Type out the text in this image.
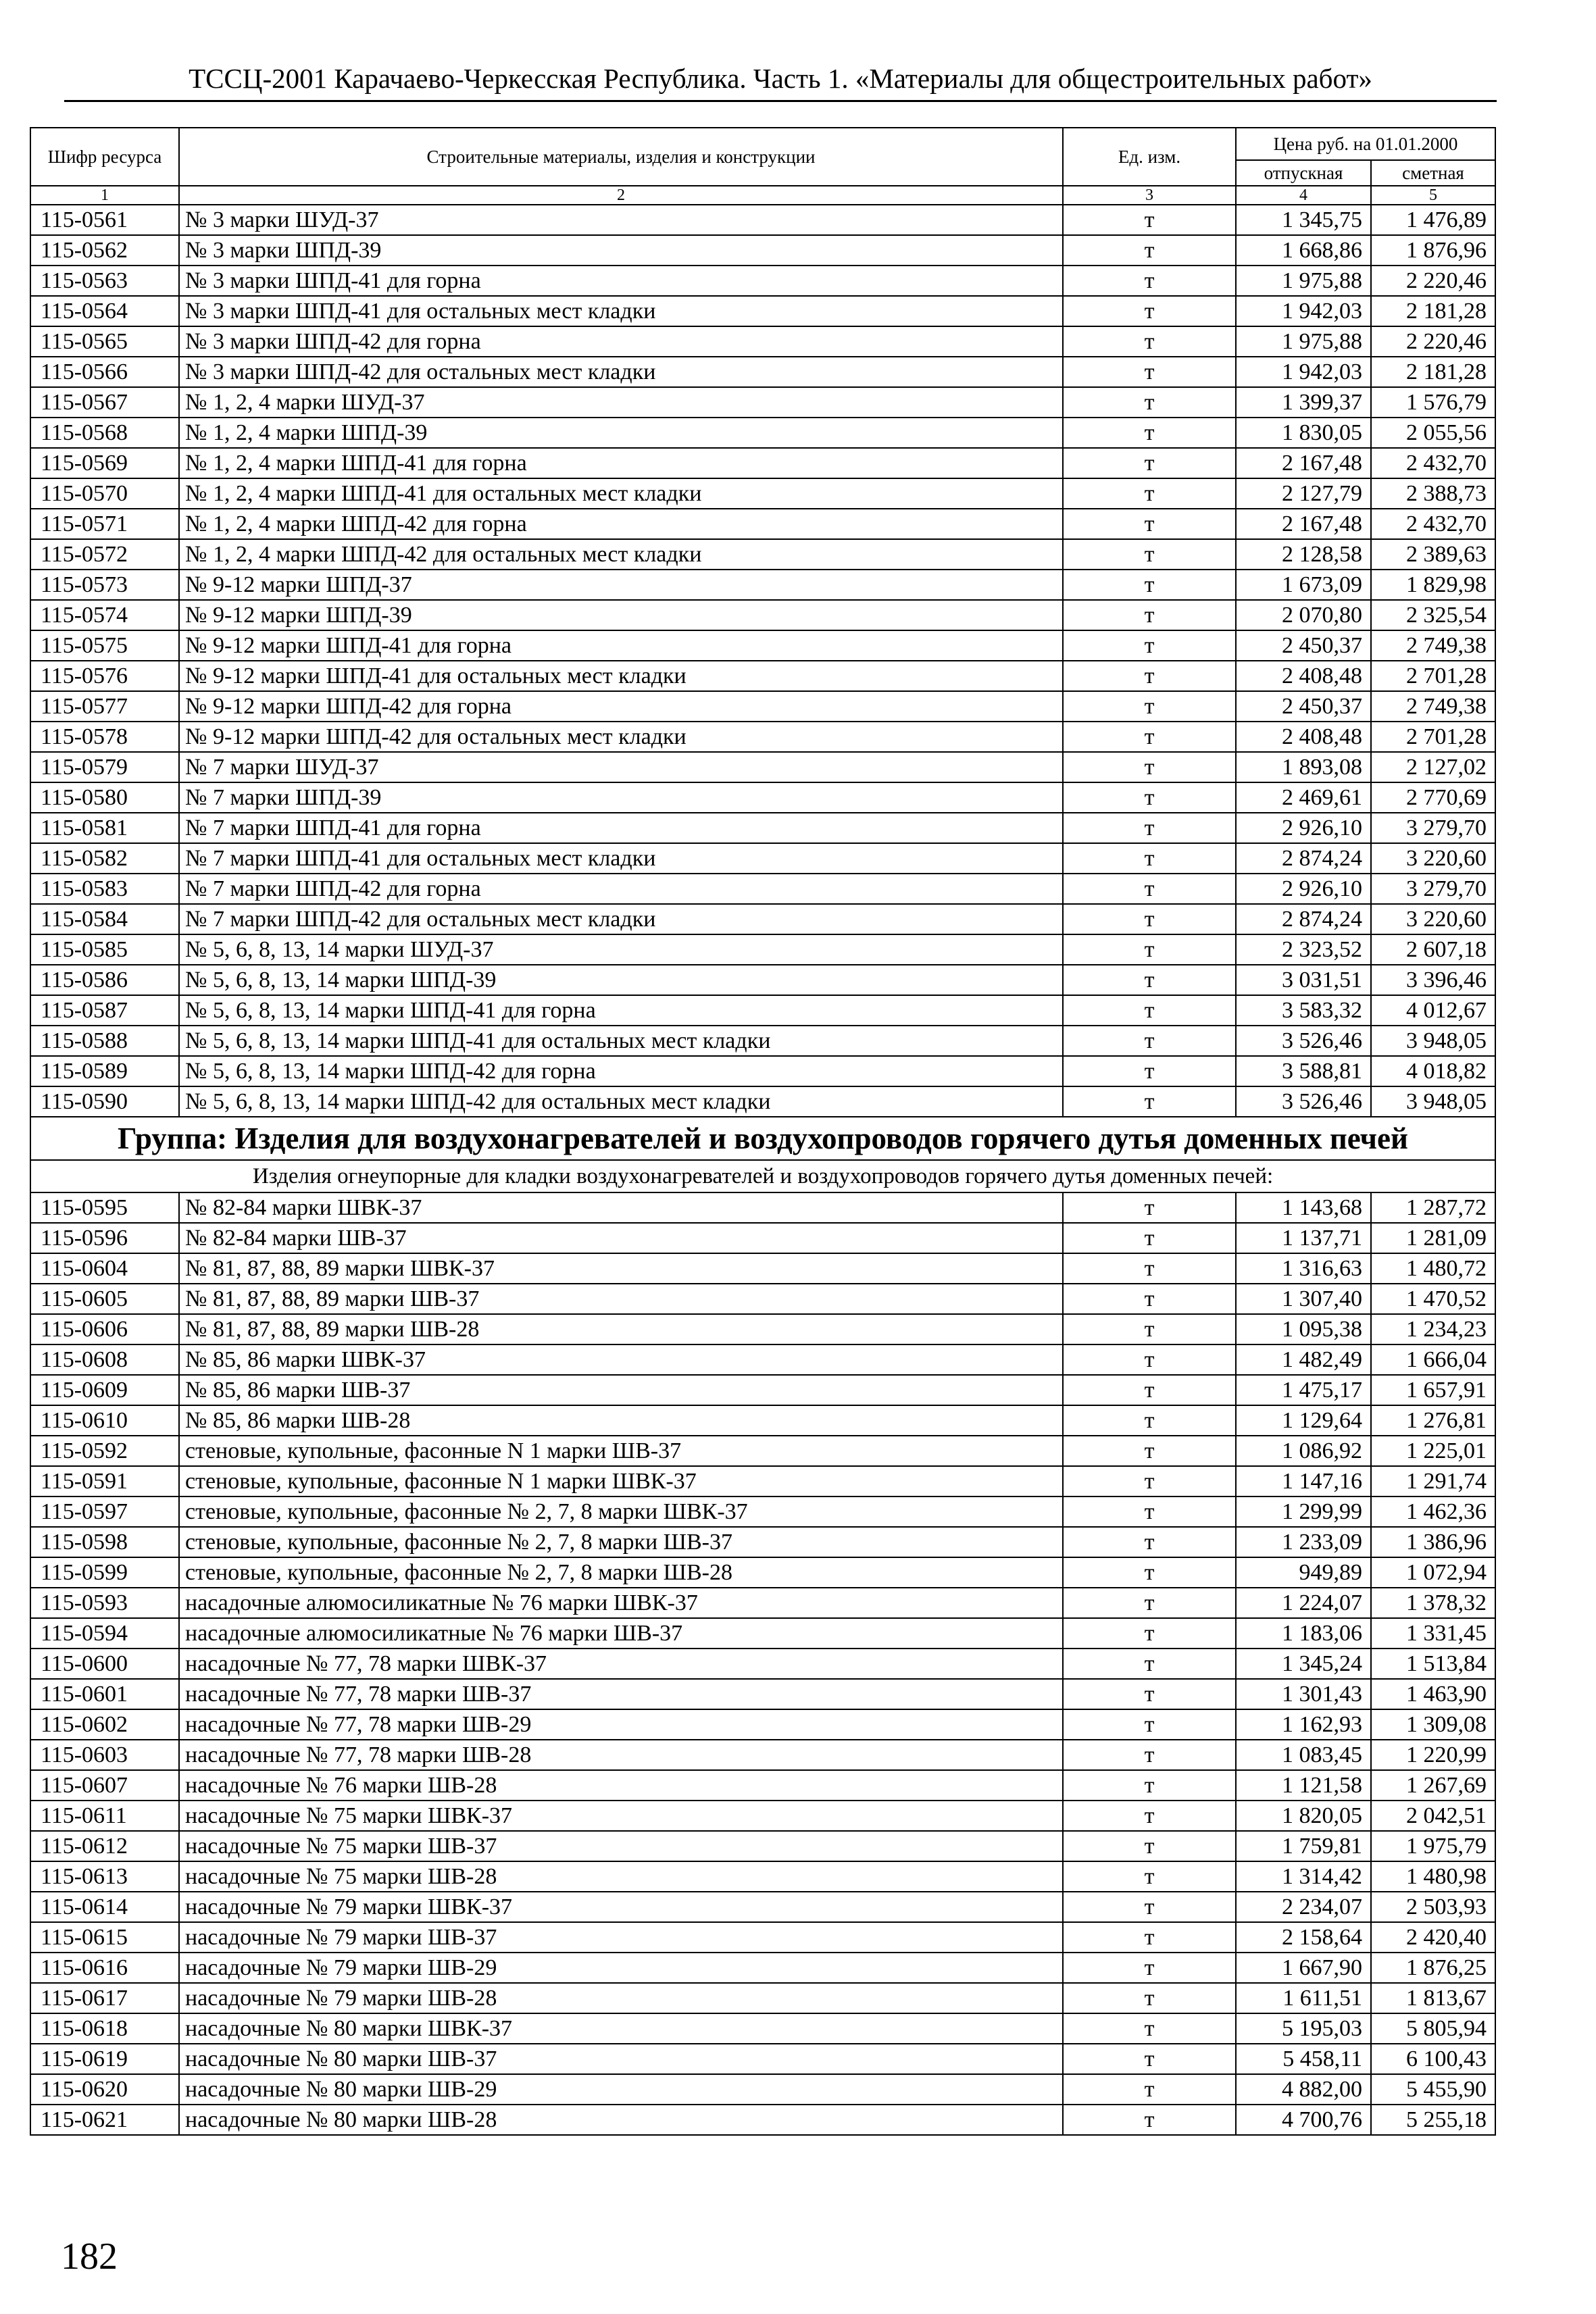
ТССЦ-2001 Карачаево-Черкесская Республика. Часть 1. «Материалы для общестроительных работ»
Шифр ресурса	Строительные материалы, изделия и конструкции	Ед. изм.	Цена руб. на 01.01.2000	
			отпускная	сметная
1	2	3	4	5
115-0561	№ 3 марки ШУД-37	т	1 345,75	1 476,89
115-0562	№ 3 марки ШПД-39	т	1 668,86	1 876,96
115-0563	№ 3 марки ШПД-41 для горна	т	1 975,88	2 220,46
115-0564	№ 3 марки ШПД-41 для остальных мест кладки	т	1 942,03	2 181,28
115-0565	№ 3 марки ШПД-42 для горна	т	1 975,88	2 220,46
115-0566	№ 3 марки ШПД-42 для остальных мест кладки	т	1 942,03	2 181,28
115-0567	№ 1, 2, 4 марки ШУД-37	т	1 399,37	1 576,79
115-0568	№ 1, 2, 4 марки ШПД-39	т	1 830,05	2 055,56
115-0569	№ 1, 2, 4 марки ШПД-41 для горна	т	2 167,48	2 432,70
115-0570	№ 1, 2, 4 марки ШПД-41 для остальных мест кладки	т	2 127,79	2 388,73
115-0571	№ 1, 2, 4 марки ШПД-42 для горна	т	2 167,48	2 432,70
115-0572	№ 1, 2, 4 марки ШПД-42 для остальных мест кладки	т	2 128,58	2 389,63
115-0573	№ 9-12 марки ШПД-37	т	1 673,09	1 829,98
115-0574	№ 9-12 марки ШПД-39	т	2 070,80	2 325,54
115-0575	№ 9-12 марки ШПД-41 для горна	т	2 450,37	2 749,38
115-0576	№ 9-12 марки ШПД-41 для остальных мест кладки	т	2 408,48	2 701,28
115-0577	№ 9-12 марки ШПД-42 для горна	т	2 450,37	2 749,38
115-0578	№ 9-12 марки ШПД-42 для остальных мест кладки	т	2 408,48	2 701,28
115-0579	№ 7 марки ШУД-37	т	1 893,08	2 127,02
115-0580	№ 7 марки ШПД-39	т	2 469,61	2 770,69
115-0581	№ 7 марки ШПД-41 для горна	т	2 926,10	3 279,70
115-0582	№ 7 марки ШПД-41 для остальных мест кладки	т	2 874,24	3 220,60
115-0583	№ 7 марки ШПД-42 для горна	т	2 926,10	3 279,70
115-0584	№ 7 марки ШПД-42 для остальных мест кладки	т	2 874,24	3 220,60
115-0585	№ 5, 6, 8, 13, 14 марки ШУД-37	т	2 323,52	2 607,18
115-0586	№ 5, 6, 8, 13, 14 марки ШПД-39	т	3 031,51	3 396,46
115-0587	№ 5, 6, 8, 13, 14 марки ШПД-41 для горна	т	3 583,32	4 012,67
115-0588	№ 5, 6, 8, 13, 14 марки ШПД-41 для остальных мест кладки	т	3 526,46	3 948,05
115-0589	№ 5, 6, 8, 13, 14 марки ШПД-42 для горна	т	3 588,81	4 018,82
115-0590	№ 5, 6, 8, 13, 14 марки ШПД-42 для остальных мест кладки	т	3 526,46	3 948,05
Группа: Изделия для воздухонагревателей и воздухопроводов горячего дутья доменных печей				
Изделия огнеупорные для кладки воздухонагревателей и воздухопроводов горячего дутья доменных печей:				
115-0595	№ 82-84 марки ШВК-37	т	1 143,68	1 287,72
115-0596	№ 82-84 марки ШВ-37	т	1 137,71	1 281,09
115-0604	№ 81, 87, 88, 89 марки ШВК-37	т	1 316,63	1 480,72
115-0605	№ 81, 87, 88, 89 марки ШВ-37	т	1 307,40	1 470,52
115-0606	№ 81, 87, 88, 89 марки ШВ-28	т	1 095,38	1 234,23
115-0608	№ 85, 86 марки ШВК-37	т	1 482,49	1 666,04
115-0609	№ 85, 86 марки ШВ-37	т	1 475,17	1 657,91
115-0610	№ 85, 86 марки ШВ-28	т	1 129,64	1 276,81
115-0592	стеновые, купольные, фасонные N 1 марки ШВ-37	т	1 086,92	1 225,01
115-0591	стеновые, купольные, фасонные N 1 марки ШВК-37	т	1 147,16	1 291,74
115-0597	стеновые, купольные, фасонные № 2, 7, 8 марки ШВК-37	т	1 299,99	1 462,36
115-0598	стеновые, купольные, фасонные № 2, 7, 8 марки ШВ-37	т	1 233,09	1 386,96
115-0599	стеновые, купольные, фасонные № 2, 7, 8 марки ШВ-28	т	949,89	1 072,94
115-0593	насадочные алюмосиликатные № 76 марки ШВК-37	т	1 224,07	1 378,32
115-0594	насадочные алюмосиликатные № 76 марки ШВ-37	т	1 183,06	1 331,45
115-0600	насадочные № 77, 78 марки ШВК-37	т	1 345,24	1 513,84
115-0601	насадочные № 77, 78 марки ШВ-37	т	1 301,43	1 463,90
115-0602	насадочные № 77, 78 марки ШВ-29	т	1 162,93	1 309,08
115-0603	насадочные № 77, 78 марки ШВ-28	т	1 083,45	1 220,99
115-0607	насадочные № 76 марки ШВ-28	т	1 121,58	1 267,69
115-0611	насадочные № 75 марки ШВК-37	т	1 820,05	2 042,51
115-0612	насадочные № 75 марки ШВ-37	т	1 759,81	1 975,79
115-0613	насадочные № 75 марки ШВ-28	т	1 314,42	1 480,98
115-0614	насадочные № 79 марки ШВК-37	т	2 234,07	2 503,93
115-0615	насадочные № 79 марки ШВ-37	т	2 158,64	2 420,40
115-0616	насадочные № 79 марки ШВ-29	т	1 667,90	1 876,25
115-0617	насадочные № 79 марки ШВ-28	т	1 611,51	1 813,67
115-0618	насадочные № 80 марки ШВК-37	т	5 195,03	5 805,94
115-0619	насадочные № 80 марки ШВ-37	т	5 458,11	6 100,43
115-0620	насадочные № 80 марки ШВ-29	т	4 882,00	5 455,90
115-0621	насадочные № 80 марки ШВ-28	т	4 700,76	5 255,18
182
